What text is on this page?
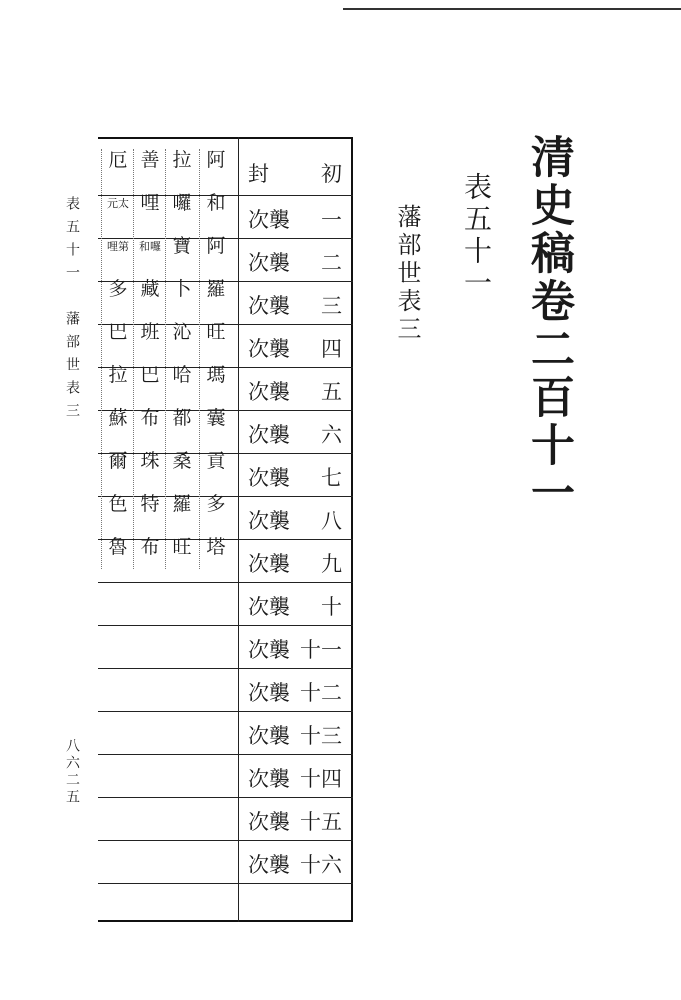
清史稿卷二百十一
表五十一
藩部世表三
表五十一　藩部世表三
八六二五
初
封
一
次襲
二
次襲
三
次襲
四
次襲
五
次襲
六
次襲
七
次襲
八
次襲
九
次襲
十
次襲
十一
次襲
十二
次襲
十三
次襲
十四
次襲
十五
次襲
十六
次襲
阿
和
阿
羅
旺
瑪
囊
貢
多
塔
拉
囉
寶
卜
沁
哈
都
桑
羅
旺
善
哩
和囉
藏
班
巴
布
珠
特
布
厄
元太
哩第
多
巴
拉
蘇
爾
色
魯
